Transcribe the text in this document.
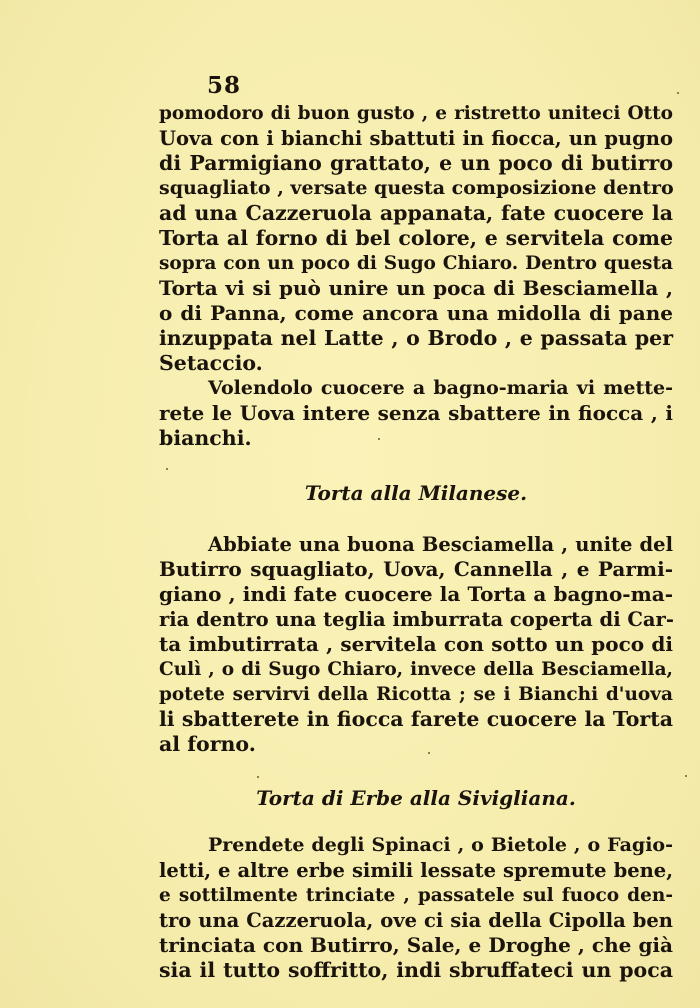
58
pomodoro di buon gusto , e ristretto uniteci Otto
Uova con i bianchi sbattuti in fiocca, un pugno
di Parmigiano grattato, e un poco di butirro
squagliato , versate questa composizione dentro
ad una Cazzeruola appanata, fate cuocere la
Torta al forno di bel colore, e servitela come
sopra con un poco di Sugo Chiaro. Dentro questa
Torta vi si può unire un poca di Besciamella ,
o di Panna, come ancora una midolla di pane
inzuppata nel Latte , o Brodo , e passata per
Setaccio.
Volendolo cuocere a bagno-maria vi mette-
rete le Uova intere senza sbattere in fiocca , i
bianchi.
Torta alla Milanese.
Abbiate una buona Besciamella , unite del
Butirro squagliato, Uova, Cannella , e Parmi-
giano , indi fate cuocere la Torta a bagno-ma-
ria dentro una teglia imburrata coperta di Car-
ta imbutirrata , servitela con sotto un poco di
Culì , o di Sugo Chiaro, invece della Besciamella,
potete servirvi della Ricotta ; se i Bianchi d'uova
li sbatterete in fiocca farete cuocere la Torta
al forno.
Torta di Erbe alla Sivigliana.
Prendete degli Spinaci , o Bietole , o Fagio-
letti, e altre erbe simili lessate spremute bene,
e sottilmente trinciate , passatele sul fuoco den-
tro una Cazzeruola, ove ci sia della Cipolla ben
trinciata con Butirro, Sale, e Droghe , che già
sia il tutto soffritto, indi sbruffateci un poca
